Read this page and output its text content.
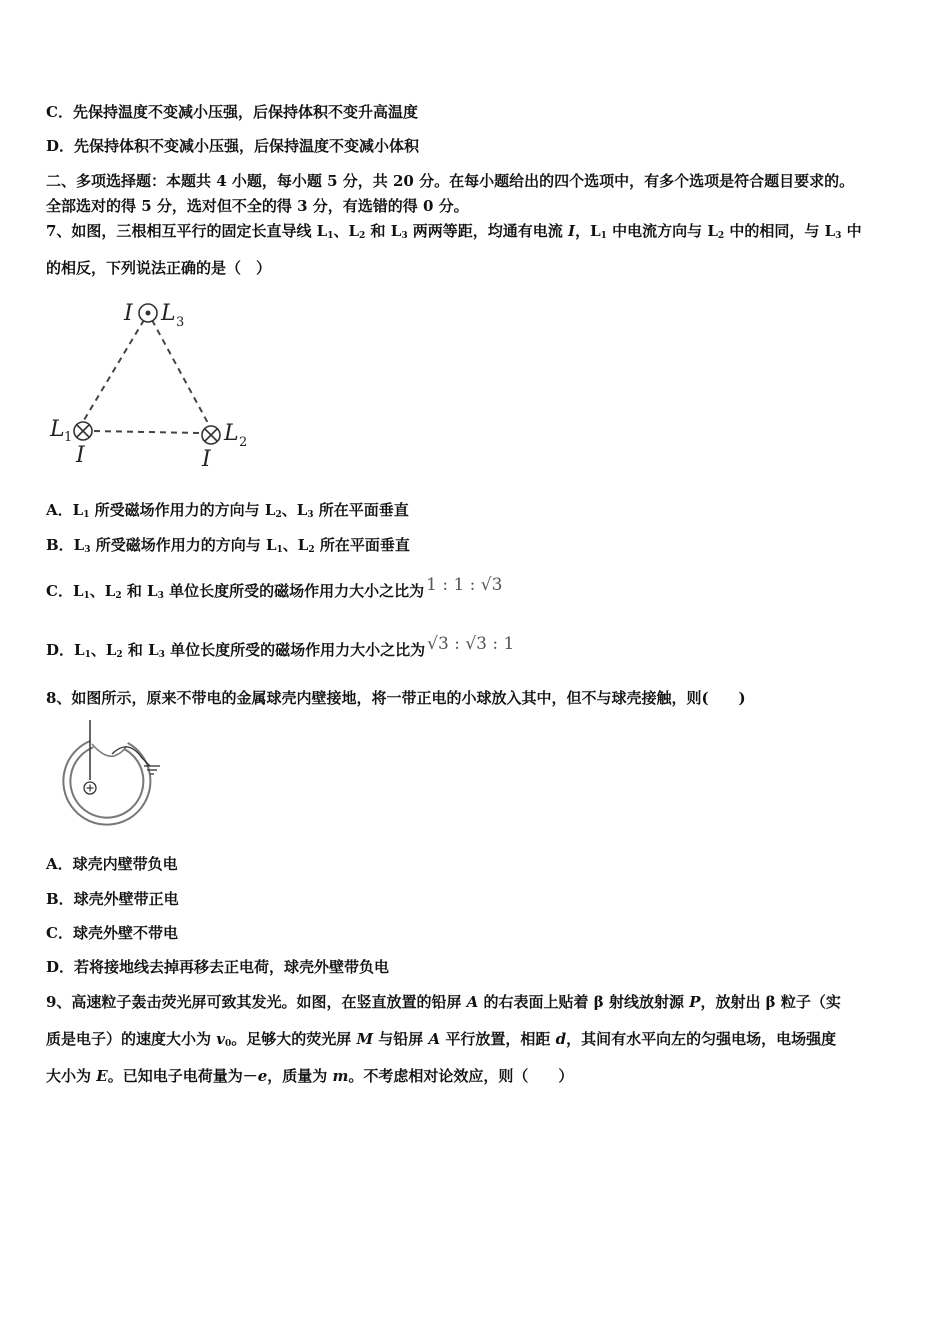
C．先保持温度不变减小压强，后保持体积不变升高温度
D．先保持体积不变减小压强，后保持温度不变减小体积
二、多项选择题：本题共 4 小题，每小题 5 分，共 20 分。在每小题给出的四个选项中，有多个选项是符合题目要求的。
全部选对的得 5 分，选对但不全的得 3 分，有选错的得 0 分。
7、如图，三根相互平行的固定长直导线 $L_1$、$L_2$ 和 $L_3$ 两两等距，均通有电流 I，$L_1$ 中电流方向与 $L_2$ 中的相同，与 $L_3$ 中
的相反，下列说法正确的是（　）
I L
L	L
I	I
3
1	2
A．$L_1$ 所受磁场作用力的方向与 $L_2$、$L_3$ 所在平面垂直
B．$L_3$ 所受磁场作用力的方向与 $L_1$、$L_2$ 所在平面垂直
C．$L_1$、$L_2$ 和 $L_3$ 单位长度所受的磁场作用力大小之比为 1 : 1 : √3
D．$L_1$、$L_2$ 和 $L_3$ 单位长度所受的磁场作用力大小之比为 √3 : √3 : 1
8、如图所示，原来不带电的金属球壳内壁接地，将一带正电的小球放入其中，但不与球壳接触，则(　　)
A．球壳内壁带负电
B．球壳外壁带正电
C．球壳外壁不带电
D．若将接地线去掉再移去正电荷，球壳外壁带负电
9、高速粒子轰击荧光屏可致其发光。如图，在竖直放置的铅屏 A 的右表面上贴着 β 射线放射源 P，放射出 β 粒子（实
质是电子）的速度大小为 $v_0$。足够大的荧光屏 M 与铅屏 A 平行放置，相距 d，其间有水平向左的匀强电场，电场强度
大小为 E。已知电子电荷量为－e，质量为 m。不考虑相对论效应，则（　　）
